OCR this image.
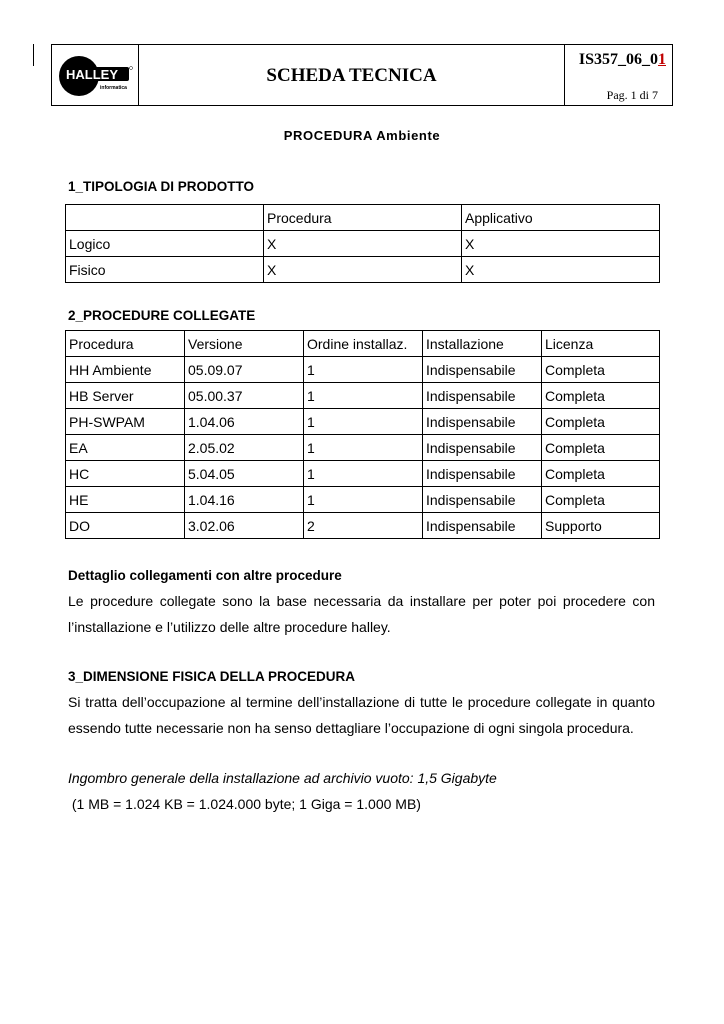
HALLEY
informatica
SCHEDA TECNICA
IS357_06_01
Pag. 1 di 7
PROCEDURA Ambiente
1_TIPOLOGIA DI PRODOTTO
	Procedura	Applicativo
Logico	X	X
Fisico	X	X
2_PROCEDURE COLLEGATE
Procedura	Versione	Ordine installaz.	Installazione	Licenza
HH Ambiente	05.09.07	1	Indispensabile	Completa
HB Server	05.00.37	1	Indispensabile	Completa
PH-SWPAM	1.04.06	1	Indispensabile	Completa
EA	2.05.02	1	Indispensabile	Completa
HC	5.04.05	1	Indispensabile	Completa
HE	1.04.16	1	Indispensabile	Completa
DO	3.02.06	2	Indispensabile	Supporto
Dettaglio collegamenti con altre procedure
Le procedure collegate sono la base necessaria da installare per poter poi procedere con l’installazione e l’utilizzo delle altre procedure halley.
3_DIMENSIONE FISICA DELLA PROCEDURA
Si tratta dell’occupazione al termine dell’installazione di tutte le procedure collegate in quanto essendo tutte necessarie non ha senso dettagliare l’occupazione di ogni singola procedura.
Ingombro generale della installazione ad archivio vuoto: 1,5 Gigabyte
(1 MB = 1.024 KB = 1.024.000 byte; 1 Giga = 1.000 MB)
